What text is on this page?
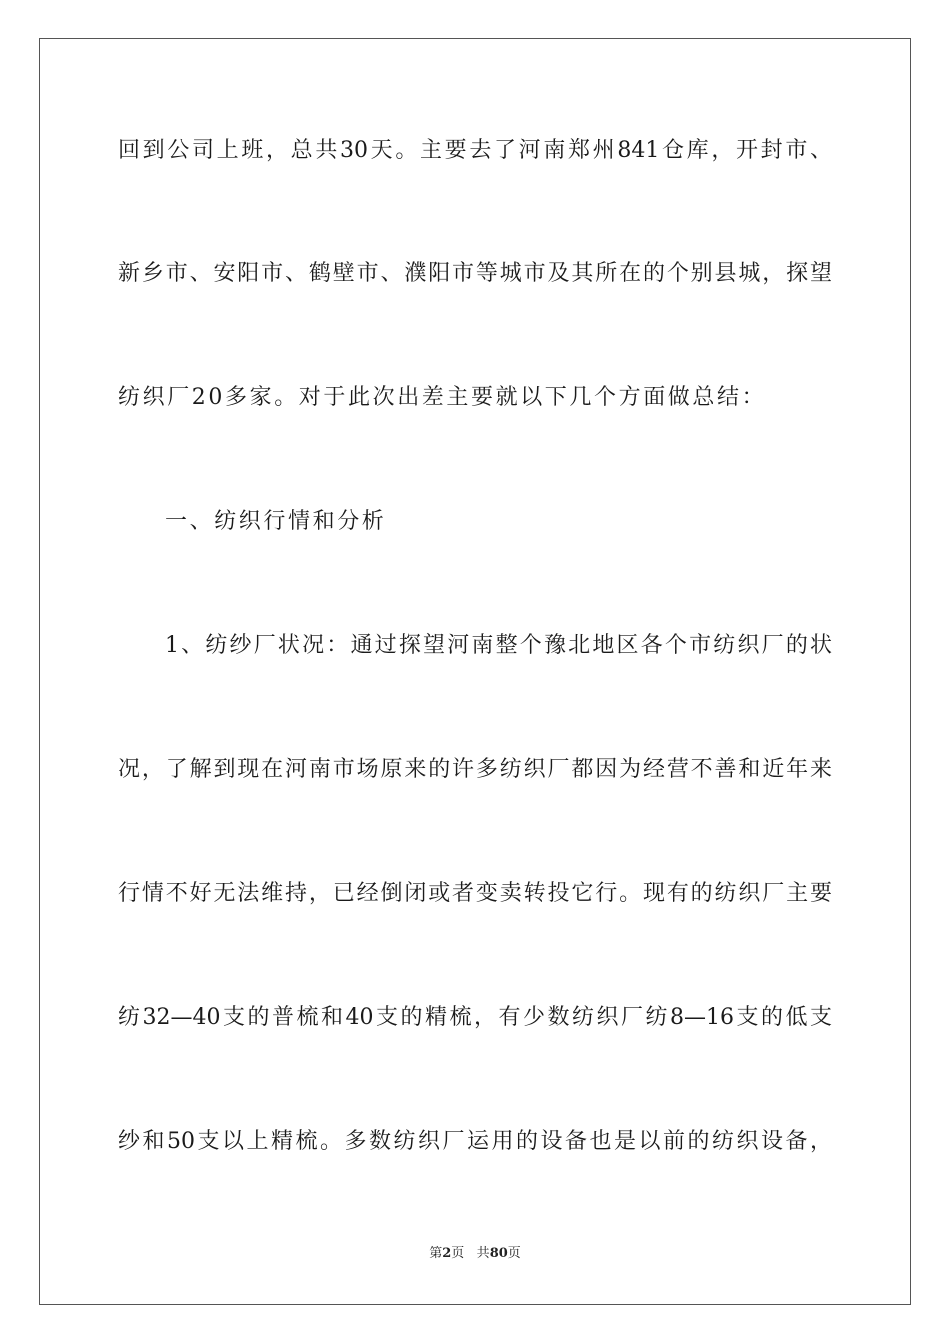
回到公司上班，总共30天。主要去了河南郑州841仓库，开封市、
新乡市、安阳市、鹤壁市、濮阳市等城市及其所在的个别县城，探望
纺织厂20多家。对于此次出差主要就以下几个方面做总结：
一、纺织行情和分析
1、纺纱厂状况：通过探望河南整个豫北地区各个市纺织厂的状
况，了解到现在河南市场原来的许多纺织厂都因为经营不善和近年来
行情不好无法维持，已经倒闭或者变卖转投它行。现有的纺织厂主要
纺32—40支的普梳和40支的精梳，有少数纺织厂纺8—16支的低支
纱和50支以上精梳。多数纺织厂运用的设备也是以前的纺织设备，
第2页 共80页
